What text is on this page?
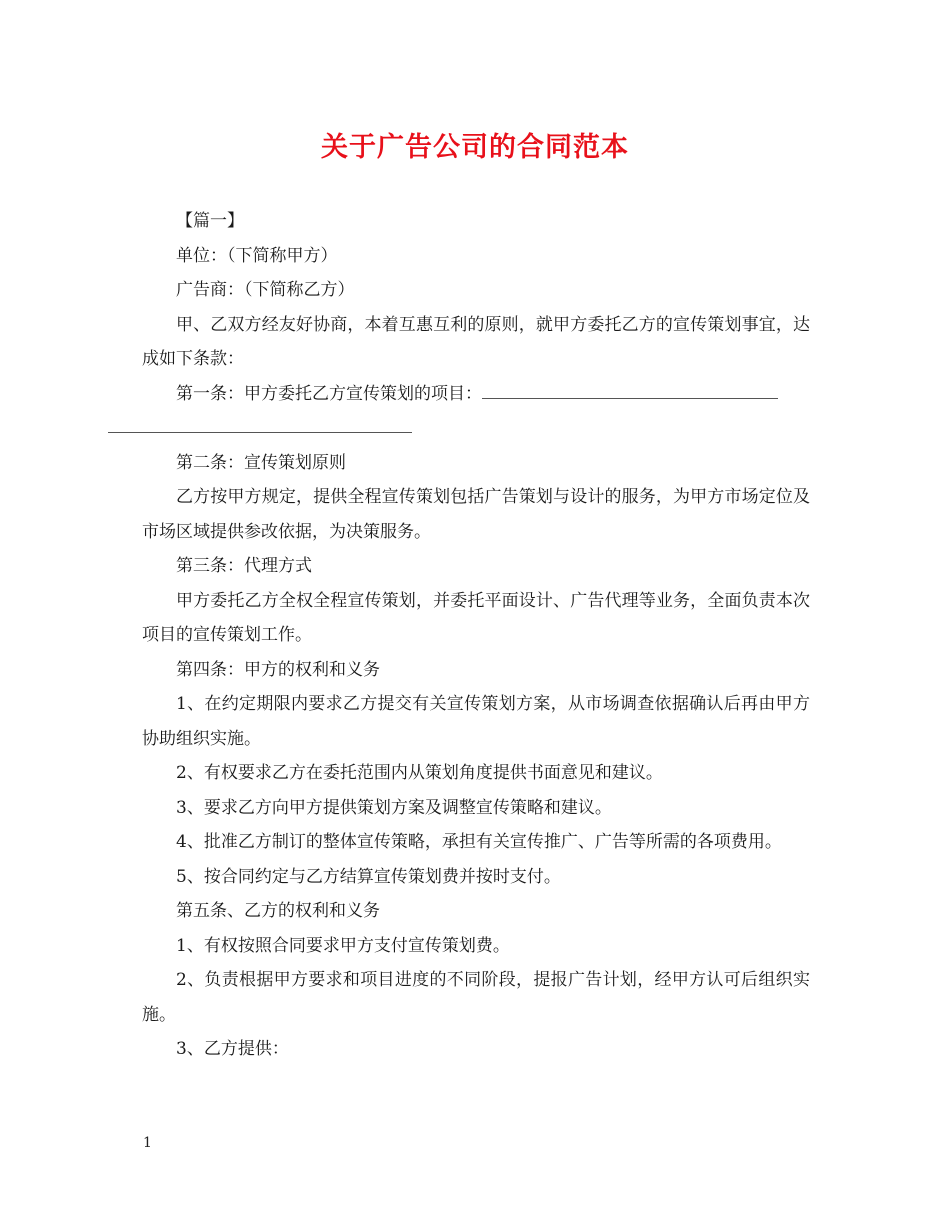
关于广告公司的合同范本

【篇一】

单位：（下简称甲方）

广告商：（下简称乙方）

甲、乙双方经友好协商，本着互惠互利的原则，就甲方委托乙方的宣传策划事宜，达成如下条款：

第一条：甲方委托乙方宣传策划的项目：

第二条：宣传策划原则

乙方按甲方规定，提供全程宣传策划包括广告策划与设计的服务，为甲方市场定位及市场区域提供参改依据，为决策服务。

第三条：代理方式

甲方委托乙方全权全程宣传策划，并委托平面设计、广告代理等业务，全面负责本次项目的宣传策划工作。

第四条：甲方的权利和义务

1、在约定期限内要求乙方提交有关宣传策划方案，从市场调查依据确认后再由甲方协助组织实施。

2、有权要求乙方在委托范围内从策划角度提供书面意见和建议。

3、要求乙方向甲方提供策划方案及调整宣传策略和建议。

4、批准乙方制订的整体宣传策略，承担有关宣传推广、广告等所需的各项费用。

5、按合同约定与乙方结算宣传策划费并按时支付。

第五条、乙方的权利和义务

1、有权按照合同要求甲方支付宣传策划费。

2、负责根据甲方要求和项目进度的不同阶段，提报广告计划，经甲方认可后组织实施。

3、乙方提供：

1
